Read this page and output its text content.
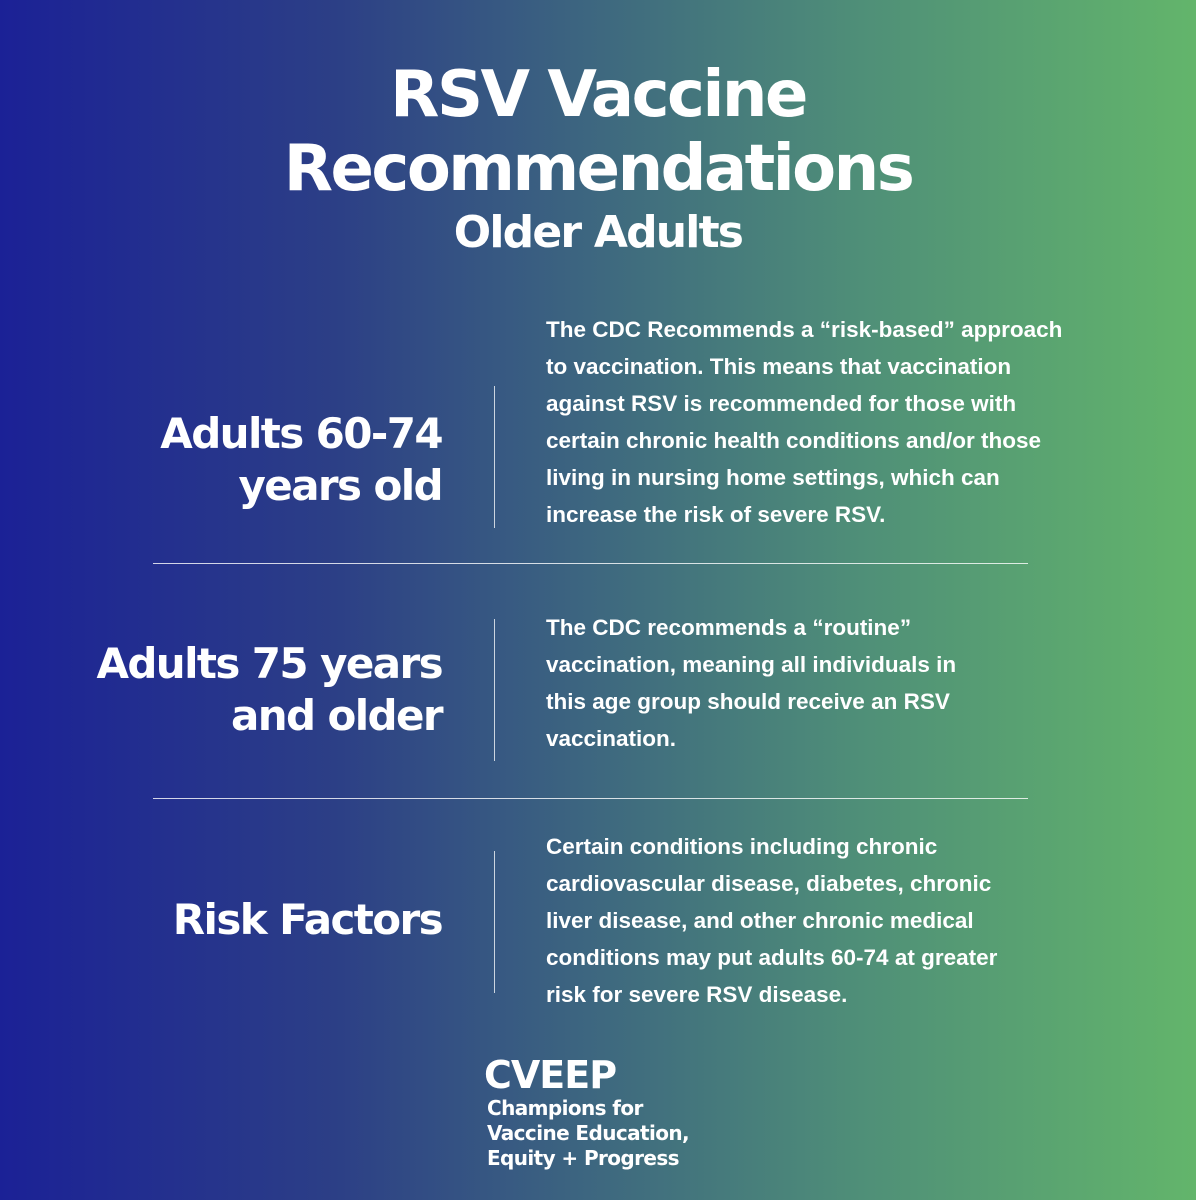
RSV Vaccine
Recommendations
Older Adults
Adults 60-74
years old
The CDC Recommends a “risk-based” approach
to vaccination. This means that vaccination
against RSV is recommended for those with
certain chronic health conditions and/or those
living in nursing home settings, which can
increase the risk of severe RSV.
Adults 75 years
and older
The CDC recommends a “routine”
vaccination, meaning all individuals in
this age group should receive an RSV
vaccination.
Risk Factors
Certain conditions including chronic
cardiovascular disease, diabetes, chronic
liver disease, and other chronic medical
conditions may put adults 60-74 at greater
risk for severe RSV disease.
CVEEP
Champions for
Vaccine Education,
Equity + Progress
